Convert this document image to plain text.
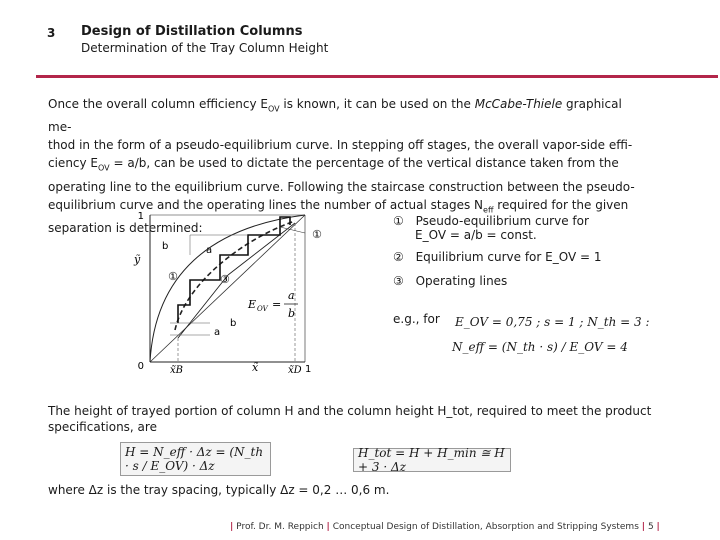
3 Design of Distillation Columns
Determination of the Tray Column Height

Once the overall column efficiency $E_{OV}$ is known, it can be used on the McCabe-Thiele graphical me-

thod in the form of a pseudo-equilibrium curve. In stepping off stages, the overall vapor-side effi-

ciency $E_{OV} = a/b$, can be used to dictate the percentage of the vertical distance taken from the

operating line to the equilibrium curve. Following the staircase construction between the pseudo-

equilibrium curve and the operating lines the number of actual stages $N_{eff}$ required for the given

separation is determined:

1
0	1
ỹ
x̃
x̃B	x̃D
b	a
b
a
①
①	③
E OV =
a
b
① Pseudo-equilibrium curve for
E_OV = a/b = const.
② Equilibrium curve for E_OV = 1
③ Operating lines
e.g., for E_OV = 0,75 ; s = 1 ; N_th = 3 :
N_eff = (N_th · s) / E_OV = 4
The height of trayed portion of column H and the column height H_tot, required to meet the product
specifications, are
H = N_eff · Δz = (N_th · s / E_OV) · Δz
H_tot = H + H_min ≅ H + 3 · Δz
where Δz is the tray spacing, typically Δz = 0,2 … 0,6 m.
| Prof. Dr. M. Reppich | Conceptual Design of Distillation, Absorption and Stripping Systems | 5 |
